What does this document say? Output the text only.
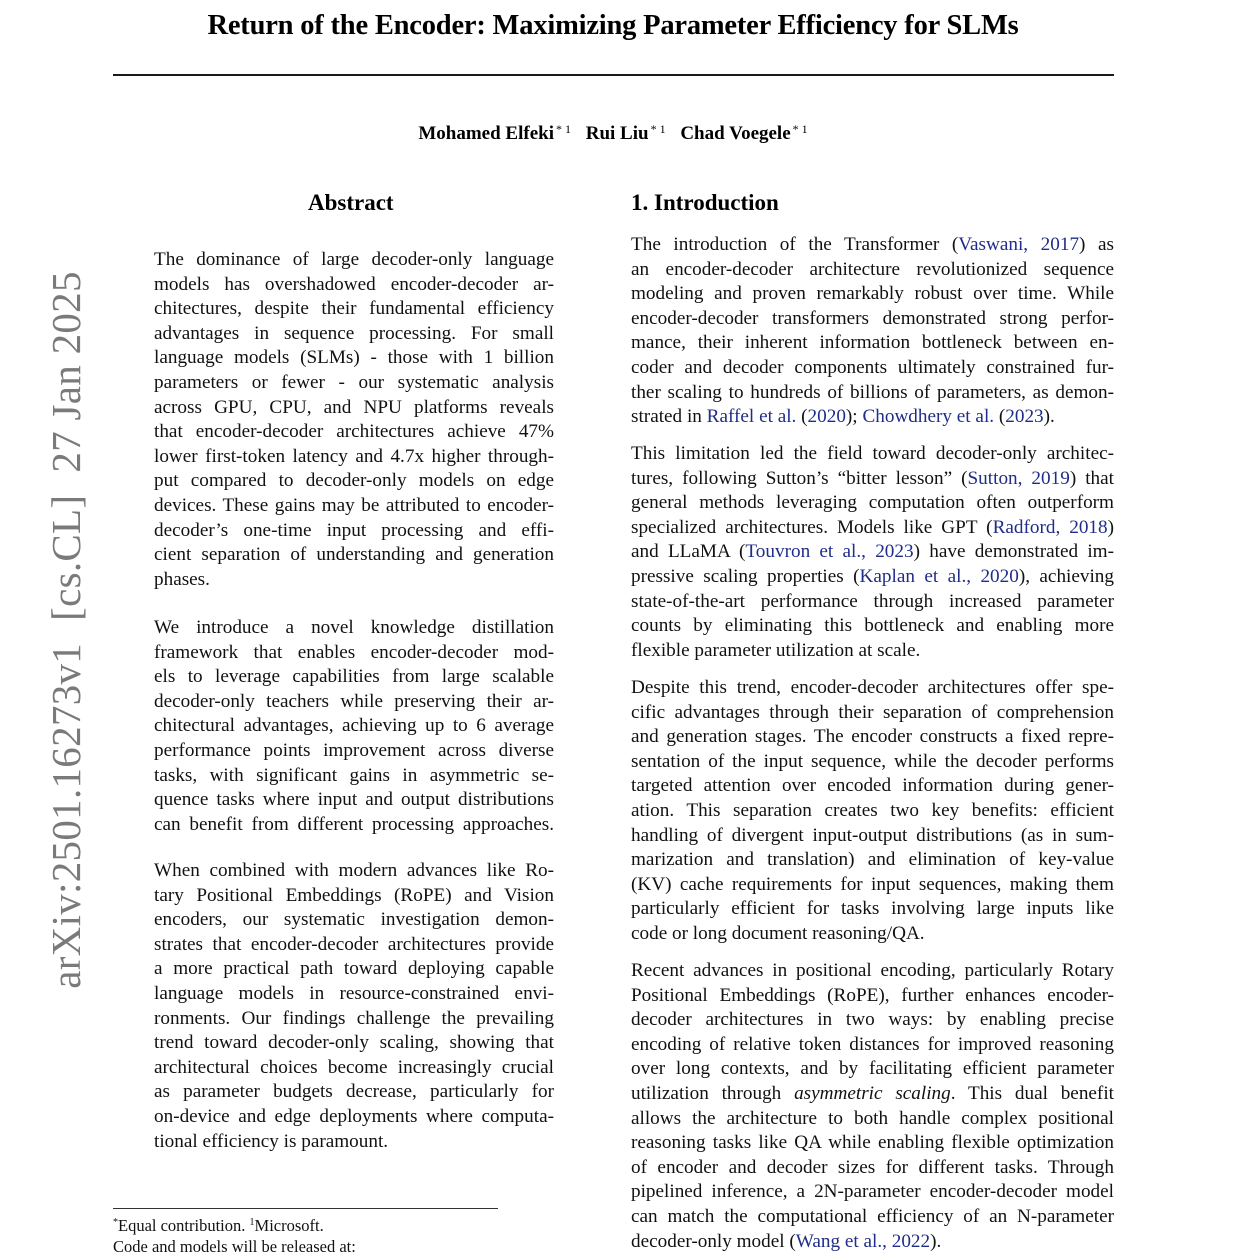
Return of the Encoder: Maximizing Parameter Efficiency for SLMs
Mohamed Elfeki $^{* 1}$ Rui Liu $^{* 1}$ Chad Voegele $^{* 1}$
arXiv:2501.16273v1[cs.CL]27 Jan 2025
Abstract
The dominance of large decoder-only language
models has overshadowed encoder-decoder ar-
chitectures, despite their fundamental efficiency
advantages in sequence processing. For small
language models (SLMs) - those with 1 billion
parameters or fewer - our systematic analysis
across GPU, CPU, and NPU platforms reveals
that encoder-decoder architectures achieve 47%
lower first-token latency and 4.7x higher through-
put compared to decoder-only models on edge
devices. These gains may be attributed to encoder-
decoder’s one-time input processing and effi-
cient separation of understanding and generation
phases.
We introduce a novel knowledge distillation
framework that enables encoder-decoder mod-
els to leverage capabilities from large scalable
decoder-only teachers while preserving their ar-
chitectural advantages, achieving up to 6 average
performance points improvement across diverse
tasks, with significant gains in asymmetric se-
quence tasks where input and output distributions
can benefit from different processing approaches.
When combined with modern advances like Ro-
tary Positional Embeddings (RoPE) and Vision
encoders, our systematic investigation demon-
strates that encoder-decoder architectures provide
a more practical path toward deploying capable
language models in resource-constrained envi-
ronments. Our findings challenge the prevailing
trend toward decoder-only scaling, showing that
architectural choices become increasingly crucial
as parameter budgets decrease, particularly for
on-device and edge deployments where computa-
tional efficiency is paramount.
*Equal contribution. $^1$Microsoft.
Code and models will be released at:
1. Introduction
The introduction of the Transformer (Vaswani, 2017) as
an encoder-decoder architecture revolutionized sequence
modeling and proven remarkably robust over time. While
encoder-decoder transformers demonstrated strong perfor-
mance, their inherent information bottleneck between en-
coder and decoder components ultimately constrained fur-
ther scaling to hundreds of billions of parameters, as demon-
strated in Raffel et al. (2020); Chowdhery et al. (2023).
This limitation led the field toward decoder-only architec-
tures, following Sutton’s “bitter lesson” (Sutton, 2019) that
general methods leveraging computation often outperform
specialized architectures. Models like GPT (Radford, 2018)
and LLaMA (Touvron et al., 2023) have demonstrated im-
pressive scaling properties (Kaplan et al., 2020), achieving
state-of-the-art performance through increased parameter
counts by eliminating this bottleneck and enabling more
flexible parameter utilization at scale.
Despite this trend, encoder-decoder architectures offer spe-
cific advantages through their separation of comprehension
and generation stages. The encoder constructs a fixed repre-
sentation of the input sequence, while the decoder performs
targeted attention over encoded information during gener-
ation. This separation creates two key benefits: efficient
handling of divergent input-output distributions (as in sum-
marization and translation) and elimination of key-value
(KV) cache requirements for input sequences, making them
particularly efficient for tasks involving large inputs like
code or long document reasoning/QA.
Recent advances in positional encoding, particularly Rotary
Positional Embeddings (RoPE), further enhances encoder-
decoder architectures in two ways: by enabling precise
encoding of relative token distances for improved reasoning
over long contexts, and by facilitating efficient parameter
utilization through asymmetric scaling. This dual benefit
allows the architecture to both handle complex positional
reasoning tasks like QA while enabling flexible optimization
of encoder and decoder sizes for different tasks. Through
pipelined inference, a 2N-parameter encoder-decoder model
can match the computational efficiency of an N-parameter
decoder-only model (Wang et al., 2022).
